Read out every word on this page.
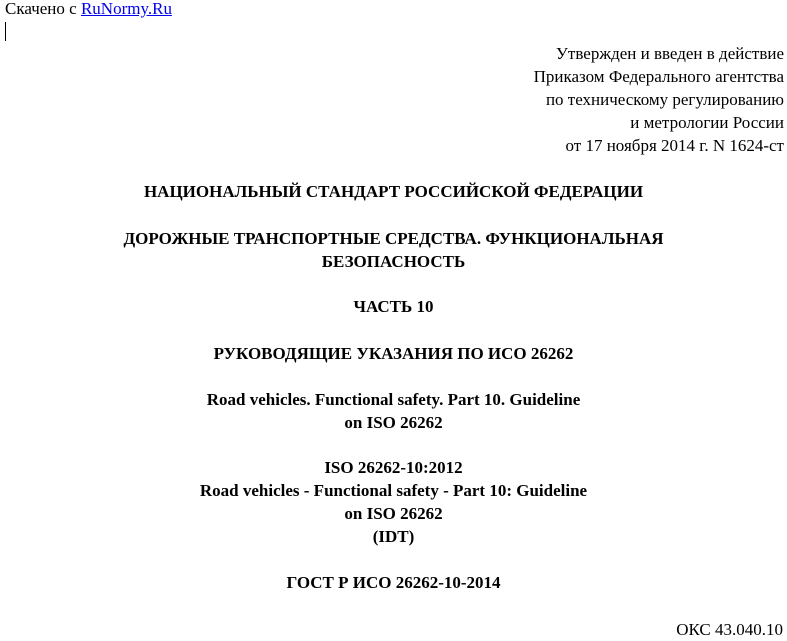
Скачено с RuNormy.Ru
Утвержден и введен в действие
Приказом Федерального агентства
по техническому регулированию
и метрологии России
от 17 ноября 2014 г. N 1624-ст
НАЦИОНАЛЬНЫЙ СТАНДАРТ РОССИЙСКОЙ ФЕДЕРАЦИИ
ДОРОЖНЫЕ ТРАНСПОРТНЫЕ СРЕДСТВА. ФУНКЦИОНАЛЬНАЯ
БЕЗОПАСНОСТЬ
ЧАСТЬ 10
РУКОВОДЯЩИЕ УКАЗАНИЯ ПО ИСО 26262
Road vehicles. Functional safety. Part 10. Guideline
on ISO 26262
ISO 26262-10:2012
Road vehicles - Functional safety - Part 10: Guideline
on ISO 26262
(IDT)
ГОСТ Р ИСО 26262-10-2014
ОКС 43.040.10
